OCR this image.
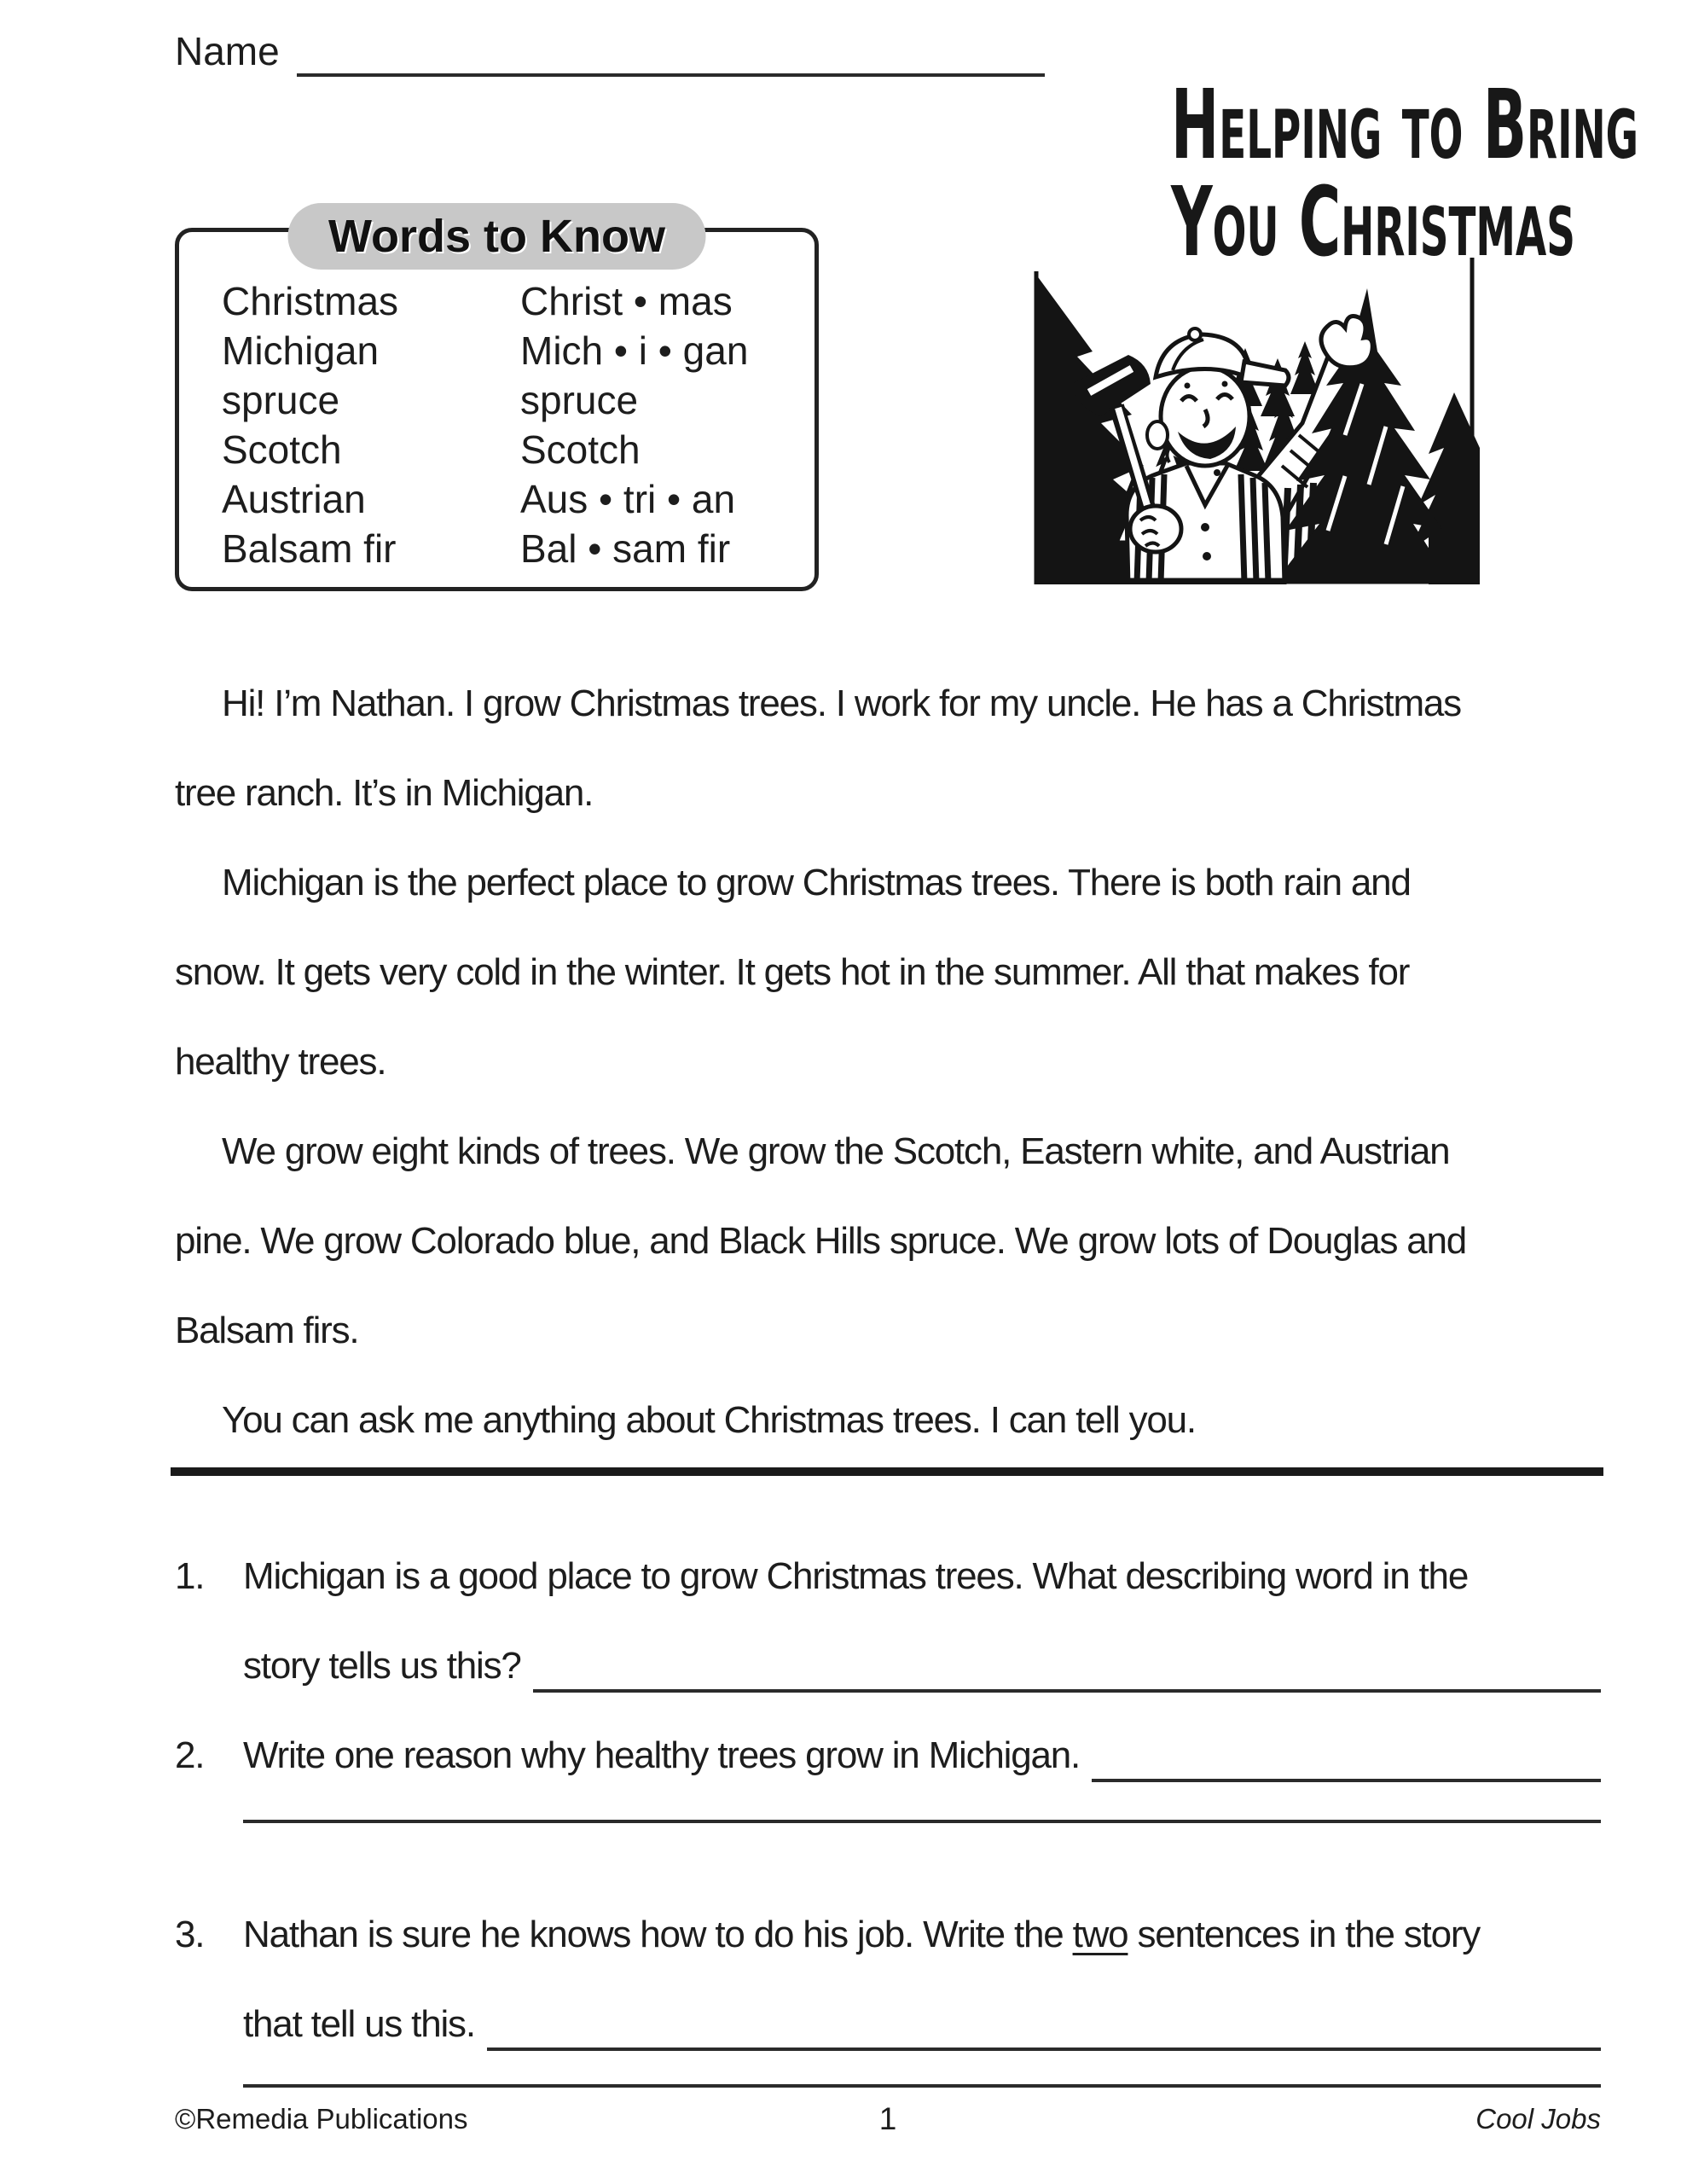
Name
Helping to Bring
You Christmas
Words to Know
Christmas	Christ • mas
Michigan	Mich • i • gan
spruce	spruce
Scotch	Scotch
Austrian	Aus • tri • an
Balsam fir	Bal • sam fir
Hi! I’m Nathan. I grow Christmas trees. I work for my uncle. He has a Christmas
tree ranch. It’s in Michigan.
Michigan is the perfect place to grow Christmas trees. There is both rain and
snow. It gets very cold in the winter. It gets hot in the summer. All that makes for
healthy trees.
We grow eight kinds of trees. We grow the Scotch, Eastern white, and Austrian
pine. We grow Colorado blue, and Black Hills spruce. We grow lots of Douglas and
Balsam firs.
You can ask me anything about Christmas trees. I can tell you.
1.	Michigan is a good place to grow Christmas trees. What describing word in the
story tells us this?
2.	Write one reason why healthy trees grow in Michigan.
3.	Nathan is sure he knows how to do his job. Write the two sentences in the story
that tell us this.
©Remedia Publications	1	Cool Jobs
